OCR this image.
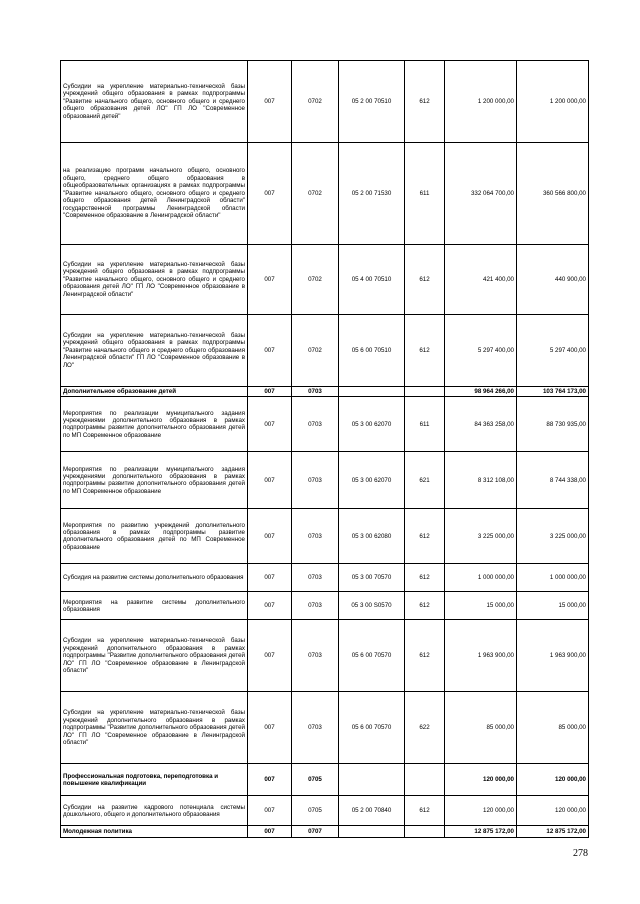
Субсидии на укрепление материально-технической базы учреждений общего образования в рамках подпрограммы "Развитие начального общего, основного общего и среднего общего образования детей ЛО" ГП ЛО "Современное образований детей"	007	0702	05 2 00 70510	612	1 200 000,00	1 200 000,00
на реализацию программ начального общего, основного общего, среднего общего образования в общеобразовательных организациях в рамках подпрограммы "Развитие начального общего, основного общего и среднего общего образования детей Ленинградской области" государственной программы Ленинградской области "Современное образование в Ленинградской области"	007	0702	05 2 00 71530	611	332 064 700,00	360 566 800,00
Субсидии на укрепление материально-технической базы учреждений общего образования в рамках подпрограммы "Развитие начального общего, основного общего и среднего образования детей ЛО" ГП ЛО "Современное образование в Ленинградской области"	007	0702	05 4 00 70510	612	421 400,00	440 900,00
Субсидии на укрепление материально-технической базы учреждений общего образования в рамках подпрограммы "Развитие начального общего и среднего общего образования Ленинградской области" ГП ЛО "Современное образование в ЛО"	007	0702	05 6 00 70510	612	5 297 400,00	5 297 400,00
Дополнительное образование детей	007	0703			98 964 266,00	103 764 173,00
Мероприятия по реализации муниципального задания учреждениями дополнительного образования в рамках подпрограммы развитие дополнительного образования детей по МП Современное образование	007	0703	05 3 00 62070	611	84 363 258,00	88 730 935,00
Мероприятия по реализации муниципального задания учреждениями дополнительного образования в рамках подпрограммы развитие дополнительного образования детей по МП Современное образование	007	0703	05 3 00 62070	621	8 312 108,00	8 744 338,00
Мероприятия по развитию учреждений дополнительного образования в рамках подпрограммы развитие дополнительного образования детей по МП Современное образование	007	0703	05 3 00 62080	612	3 225 000,00	3 225 000,00
Субсидия на развитие системы дополнительного образования	007	0703	05 3 00 70570	612	1 000 000,00	1 000 000,00
Мероприятия на развитие системы дополнительного образования	007	0703	05 3 00 S0570	612	15 000,00	15 000,00
Субсидии на укрепление материально-технической базы учреждений дополнительного образования в рамках подпрограммы "Развитие дополнительного образования детей ЛО" ГП ЛО "Современное образование в Ленинградской области"	007	0703	05 6 00 70570	612	1 963 900,00	1 963 900,00
Субсидии на укрепление материально-технической базы учреждений дополнительного образования в рамках подпрограммы "Развитие дополнительного образования детей ЛО" ГП ЛО "Современное образование в Ленинградской области"	007	0703	05 6 00 70570	622	85 000,00	85 000,00
Профессиональная подготовка, переподготовка и повышение квалификации	007	0705			120 000,00	120 000,00
Субсидии на развитие кадрового потенциала системы дошкольного, общего и дополнительного образования	007	0705	05 2 00 70840	612	120 000,00	120 000,00
Молодежная политика	007	0707			12 875 172,00	12 875 172,00
278
